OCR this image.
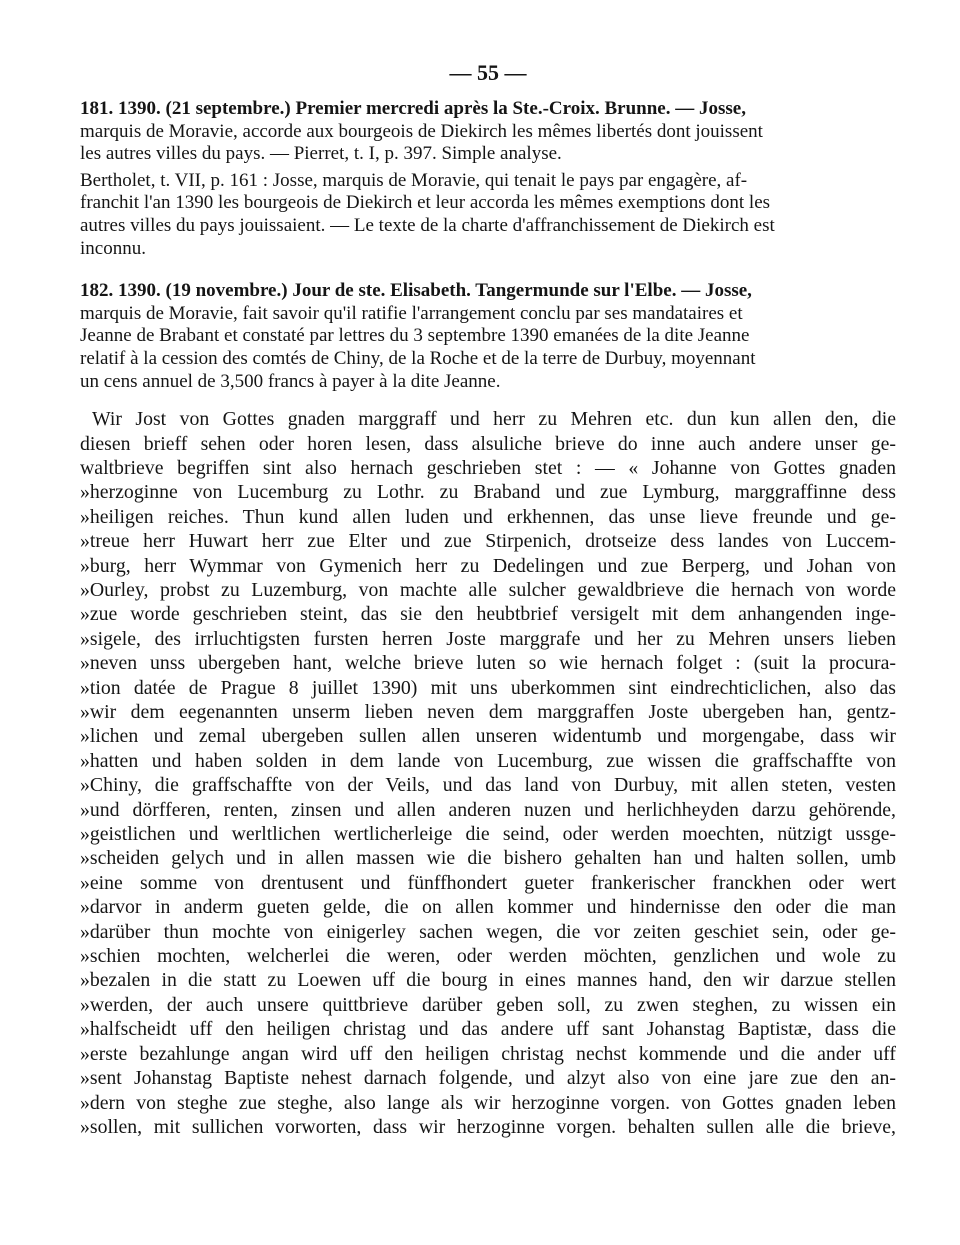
— 55 —

181. 1390. (21 septembre.) Premier mercredi après la Ste.-Croix. Brunne. — Josse,

marquis de Moravie, accorde aux bourgeois de Diekirch les mêmes libertés dont jouissent

les autres villes du pays. — Pierret, t. I, p. 397. Simple analyse.

Bertholet, t. VII, p. 161 : Josse, marquis de Moravie, qui tenait le pays par engagère, af-

franchit l'an 1390 les bourgeois de Diekirch et leur accorda les mêmes exemptions dont les

autres villes du pays jouissaient. — Le texte de la charte d'affranchissement de Diekirch est

inconnu.

182. 1390. (19 novembre.) Jour de ste. Elisabeth. Tangermunde sur l'Elbe. — Josse,

marquis de Moravie, fait savoir qu'il ratifie l'arrangement conclu par ses mandataires et

Jeanne de Brabant et constaté par lettres du 3 septembre 1390 emanées de la dite Jeanne

relatif à la cession des comtés de Chiny, de la Roche et de la terre de Durbuy, moyennant

un cens annuel de 3,500 francs à payer à la dite Jeanne.

Wir Jost von Gottes gnaden marggraff und herr zu Mehren etc. dun kun allen den, die
diesen brieff sehen oder horen lesen, dass alsuliche brieve do inne auch andere unser ge-
waltbrieve begriffen sint also hernach geschrieben stet : — « Johanne von Gottes gnaden
»herzoginne von Lucemburg zu Lothr. zu Braband und zue Lymburg, marggraffinne dess
»heiligen reiches. Thun kund allen luden und erkhennen, das unse lieve freunde und ge-
»treue herr Huwart herr zue Elter und zue Stirpenich, drotseize dess landes von Luccem-
»burg, herr Wymmar von Gymenich herr zu Dedelingen und zue Berperg, und Johan von
»Ourley, probst zu Luzemburg, von machte alle sulcher gewaldbrieve die hernach von worde
»zue worde geschrieben steint, das sie den heubtbrief versigelt mit dem anhangenden inge-
»sigele, des irrluchtigsten fursten herren Joste marggrafe und her zu Mehren unsers lieben
»neven unss ubergeben hant, welche brieve luten so wie hernach folget : (suit la procura-
»tion datée de Prague 8 juillet 1390) mit uns uberkommen sint eindrechticlichen, also das
»wir dem eegenannten unserm lieben neven dem marggraffen Joste ubergeben han, gentz-
»lichen und zemal ubergeben sullen allen unseren widentumb und morgengabe, dass wir
»hatten und haben solden in dem lande von Lucemburg, zue wissen die graffschaffte von
»Chiny, die graffschaffte von der Veils, und das land von Durbuy, mit allen steten, vesten
»und dörfferen, renten, zinsen und allen anderen nuzen und herlichheyden darzu gehörende,
»geistlichen und werltlichen wertlicherleige die seind, oder werden moechten, nützigt ussge-
»scheiden gelych und in allen massen wie die bishero gehalten han und halten sollen, umb
»eine somme von drentusent und fünffhondert gueter frankerischer franckhen oder wert
»darvor in anderm gueten gelde, die on allen kommer und hindernisse den oder die man
»darüber thun mochte von einigerley sachen wegen, die vor zeiten geschiet sein, oder ge-
»schien mochten, welcherlei die weren, oder werden möchten, genzlichen und wole zu
»bezalen in die statt zu Loewen uff die bourg in eines mannes hand, den wir darzue stellen
»werden, der auch unsere quittbrieve darüber geben soll, zu zwen steghen, zu wissen ein
»halfscheidt uff den heiligen christag und das andere uff sant Johanstag Baptistæ, dass die
»erste bezahlunge angan wird uff den heiligen christag nechst kommende und die ander uff
»sent Johanstag Baptiste nehest darnach folgende, und alzyt also von eine jare zue den an-
»dern von steghe zue steghe, also lange als wir herzoginne vorgen. von Gottes gnaden leben
»sollen, mit sullichen vorworten, dass wir herzoginne vorgen. behalten sullen alle die brieve,
